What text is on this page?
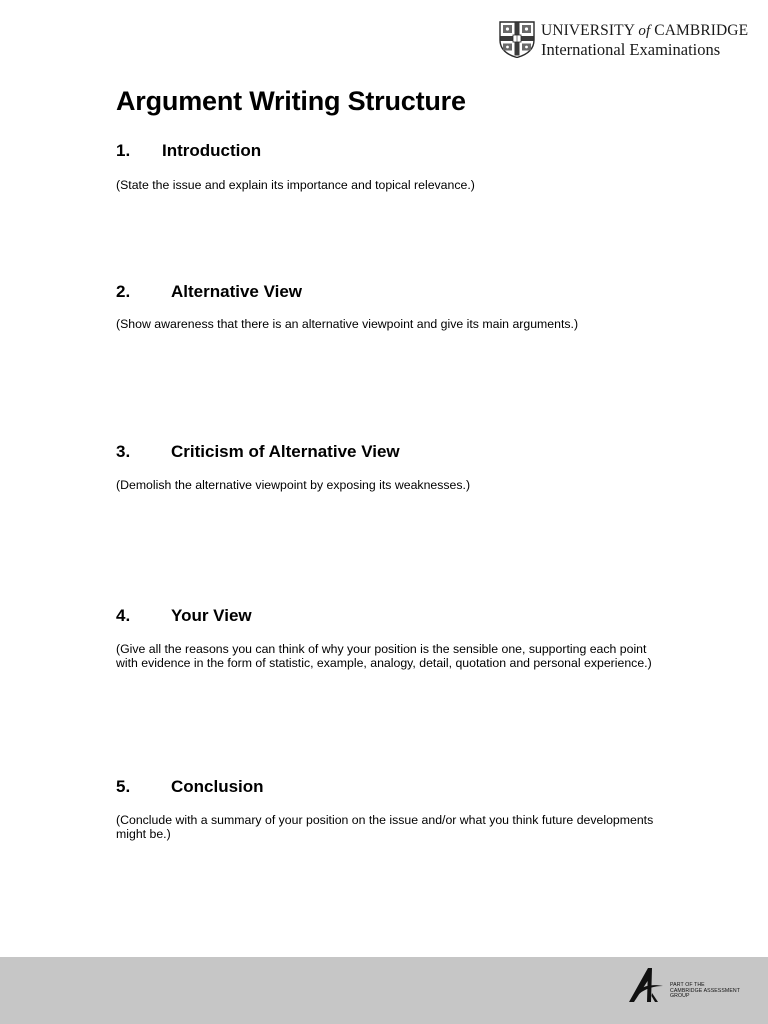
UNIVERSITY of CAMBRIDGE
International Examinations
Argument Writing Structure
1. Introduction

(State the issue and explain its importance and topical relevance.)

2. Alternative View

(Show awareness that there is an alternative viewpoint and give its main arguments.)

3. Criticism of Alternative View

(Demolish the alternative viewpoint by exposing its weaknesses.)

4. Your View

(Give all the reasons you can think of why your position is the sensible one, supporting each point with evidence in the form of statistic, example, analogy, detail, quotation and personal experience.)

5. Conclusion

(Conclude with a summary of your position on the issue and/or what you think future developments might be.)

PART OF THE
CAMBRIDGE ASSESSMENT
GROUP
